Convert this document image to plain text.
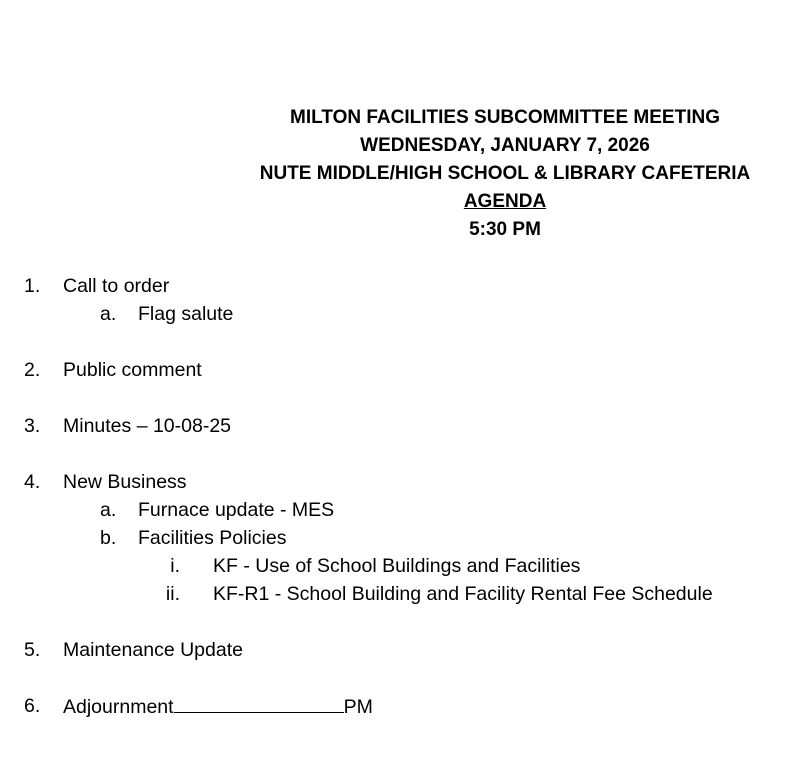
MILTON FACILITIES SUBCOMMITTEE MEETING
WEDNESDAY, JANUARY 7, 2026
NUTE MIDDLE/HIGH SCHOOL & LIBRARY CAFETERIA
AGENDA
5:30 PM
1. Call to order
a. Flag salute
2. Public comment
3. Minutes – 10-08-25
4. New Business
a. Furnace update - MES
b. Facilities Policies
i. KF - Use of School Buildings and Facilities
ii. KF-R1 - School Building and Facility Rental Fee Schedule
5. Maintenance Update
6. Adjournment	PM
